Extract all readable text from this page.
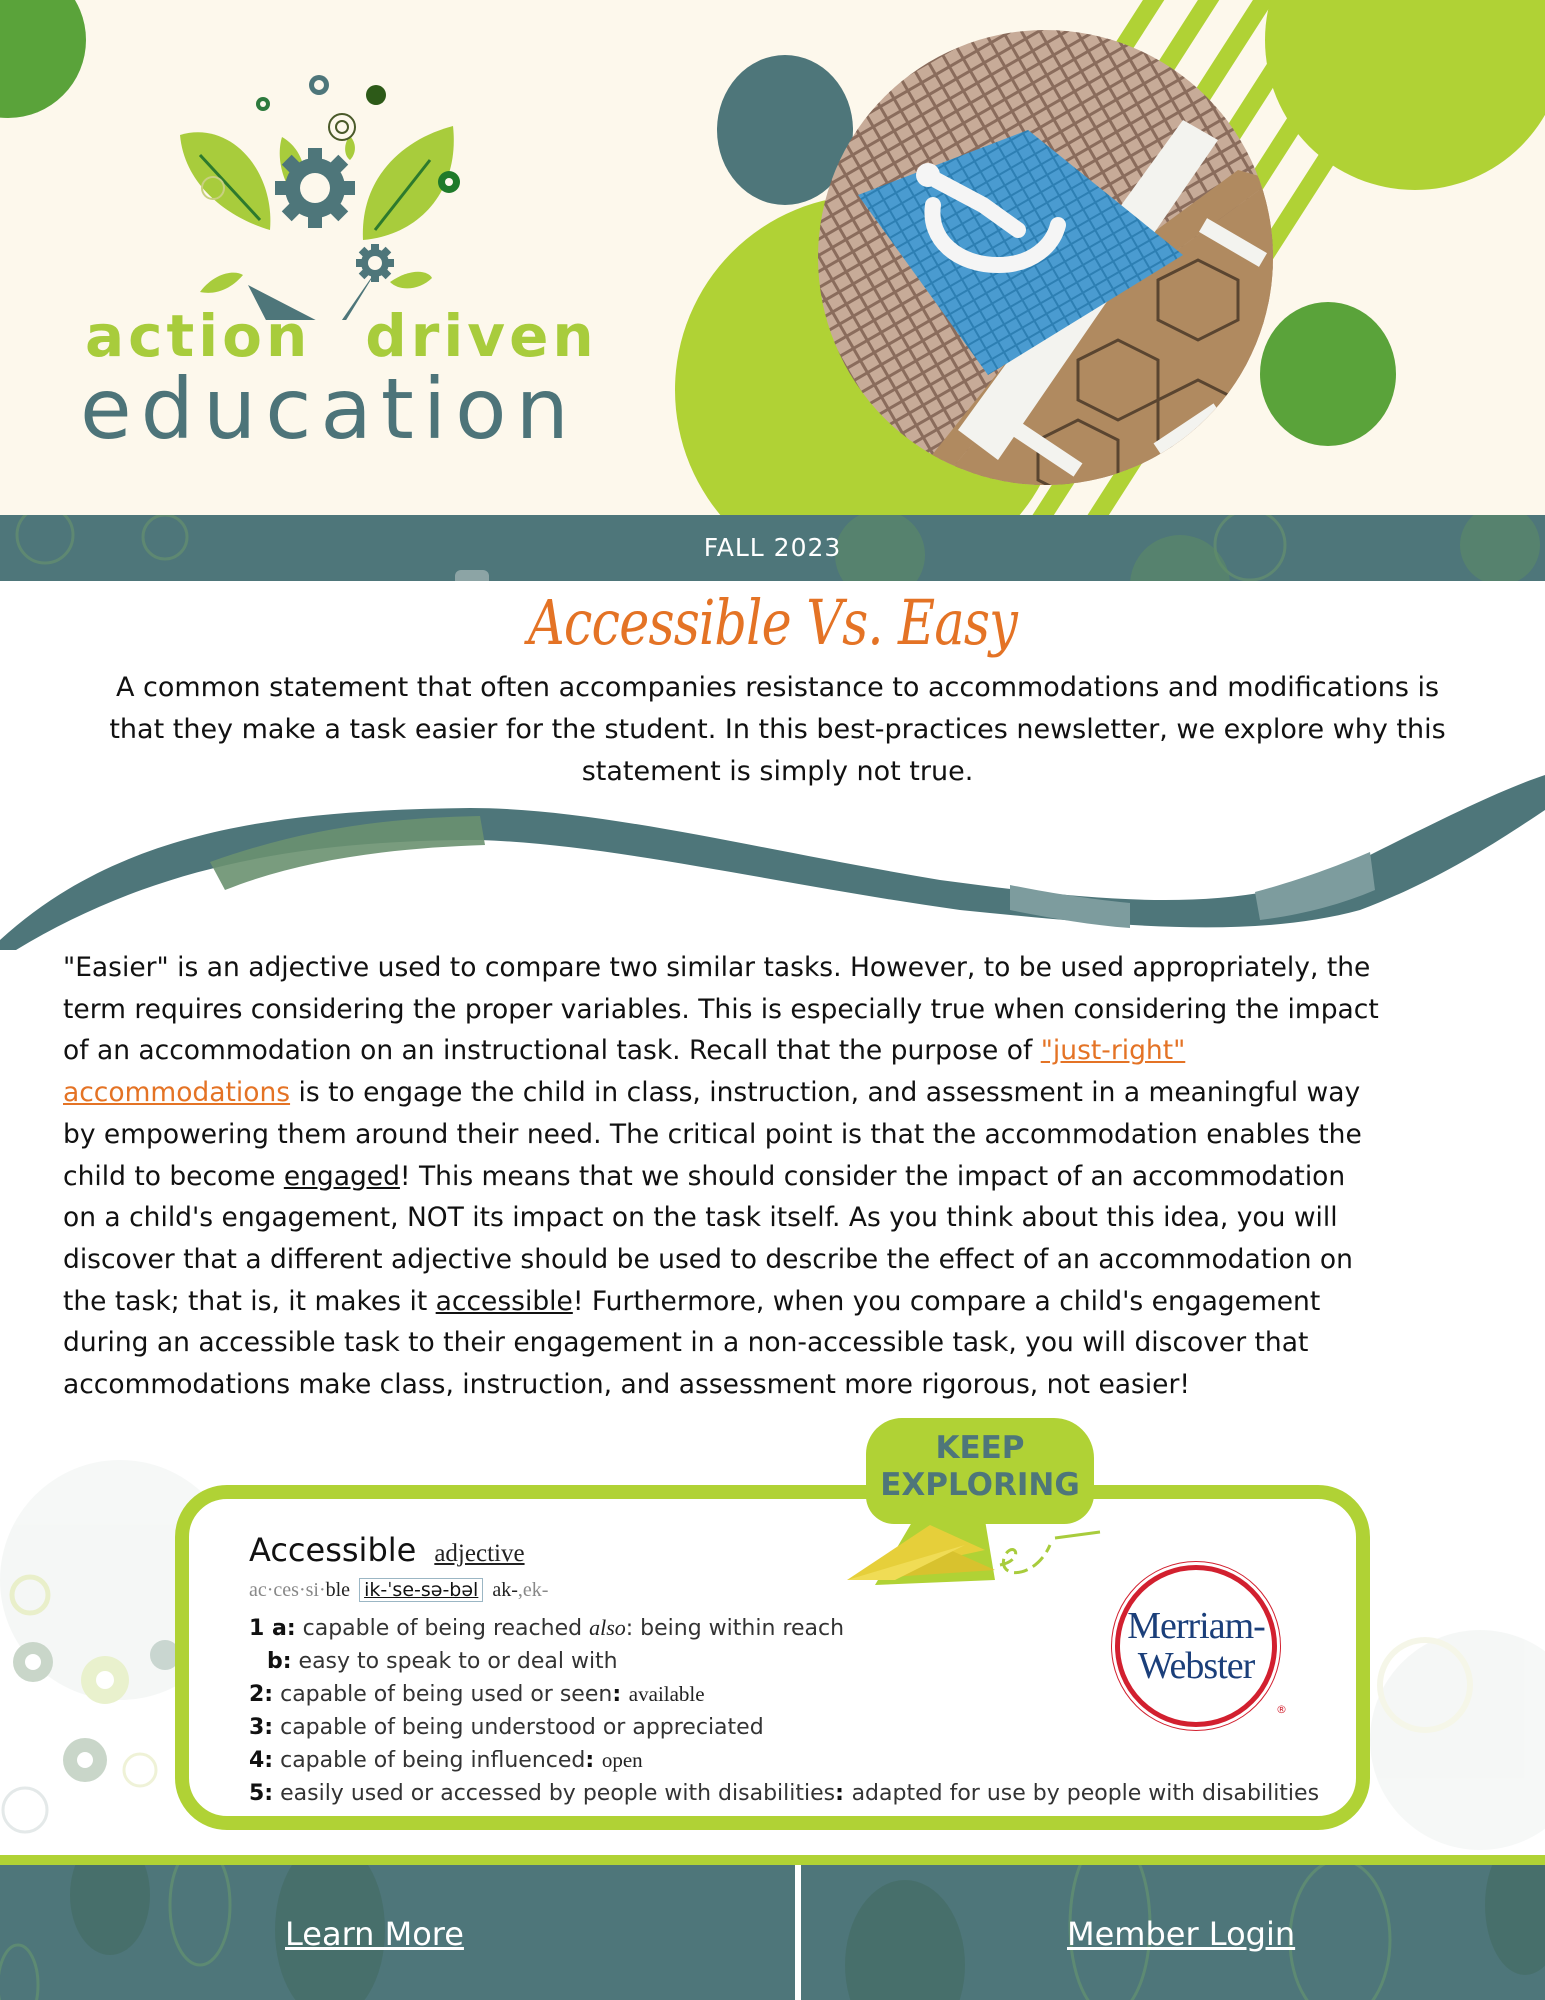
action driven
education
FALL 2023
Accessible Vs. Easy
A common statement that often accompanies resistance to accommodations and modifications is that they make a task easier for the student. In this best-practices newsletter, we explore why this statement is simply not true.
"Easier" is an adjective used to compare two similar tasks. However, to be used appropriately, the
term requires considering the proper variables. This is especially true when considering the impact
of an accommodation on an instructional task. Recall that the purpose of "just-right"
accommodations is to engage the child in class, instruction, and assessment in a meaningful way
by empowering them around their need. The critical point is that the accommodation enables the
child to become engaged! This means that we should consider the impact of an accommodation
on a child's engagement, NOT its impact on the task itself. As you think about this idea, you will
discover that a different adjective should be used to describe the effect of an accommodation on
the task; that is, it makes it accessible! Furthermore, when you compare a child's engagement
during an accessible task to their engagement in a non-accessible task, you will discover that
accommodations make class, instruction, and assessment more rigorous, not easier!
Accessible adjective
ac·ces·si·ble ik-ˈse-sə-bəl ak-,ek-
1 a: capable of being reached also: being within reach
b: easy to speak to or deal with
2: capable of being used or seen: available
3: capable of being understood or appreciated
4: capable of being influenced: open
5: easily used or accessed by people with disabilities: adapted for use by people with disabilities
Merriam-
Webster
®
KEEP
EXPLORING
Learn More	Member Login
